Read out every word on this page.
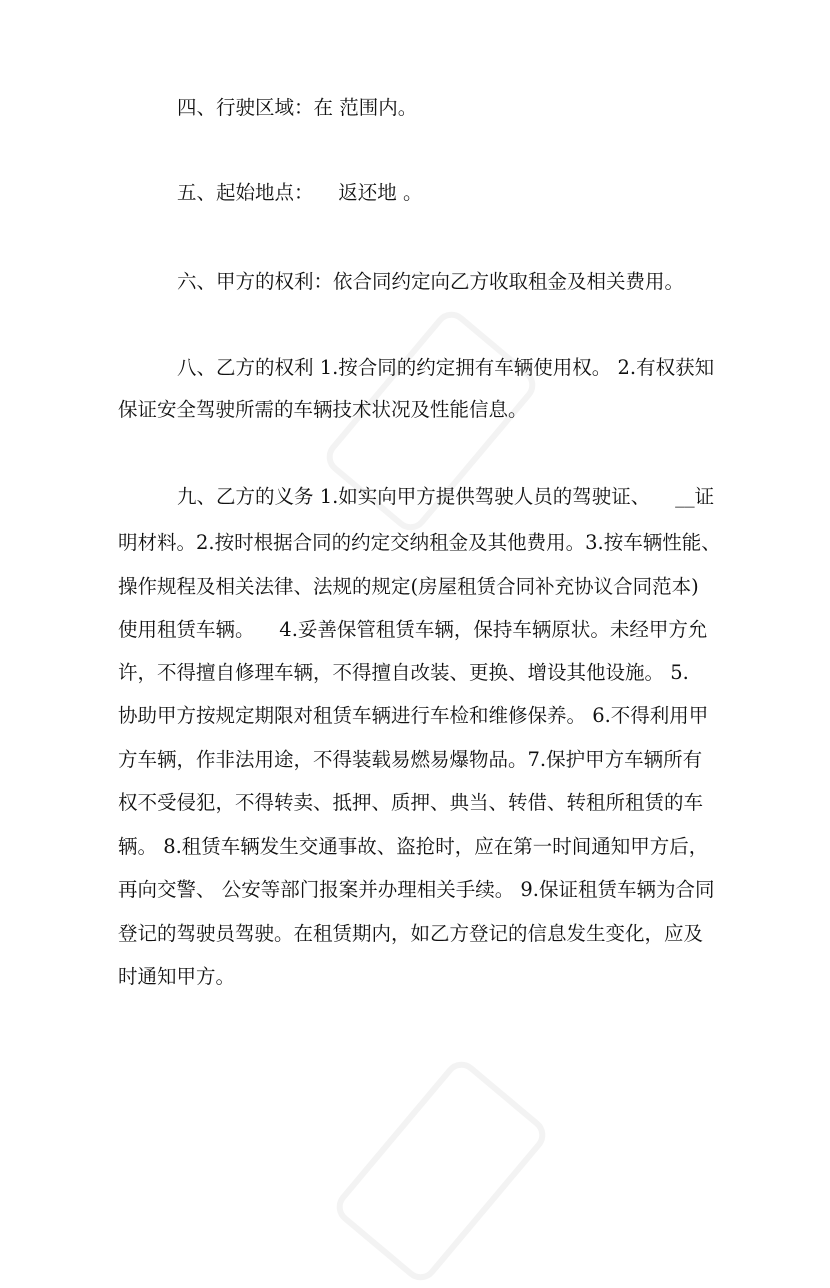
四、行驶区域：在 范围内。
五、起始地点：    返还地 。
六、甲方的权利：依合同约定向乙方收取租金及相关费用。
八、乙方的权利 1.按合同的约定拥有车辆使用权。 2.有权获知
保证安全驾驶所需的车辆技术状况及性能信息。
九、乙方的义务 1.如实向甲方提供驾驶人员的驾驶证、    __证
明材料。2.按时根据合同的约定交纳租金及其他费用。3.按车辆性能、
操作规程及相关法律、法规的规定(房屋租赁合同补充协议合同范本)
使用租赁车辆。    4.妥善保管租赁车辆，保持车辆原状。未经甲方允
许，不得擅自修理车辆，不得擅自改装、更换、增设其他设施。 5.
协助甲方按规定期限对租赁车辆进行车检和维修保养。 6.不得利用甲
方车辆，作非法用途，不得装载易燃易爆物品。7.保护甲方车辆所有
权不受侵犯，不得转卖、抵押、质押、典当、转借、转租所租赁的车
辆。 8.租赁车辆发生交通事故、盗抢时，应在第一时间通知甲方后，
再向交警、 公安等部门报案并办理相关手续。 9.保证租赁车辆为合同
登记的驾驶员驾驶。在租赁期内，如乙方登记的信息发生变化，应及
时通知甲方。
